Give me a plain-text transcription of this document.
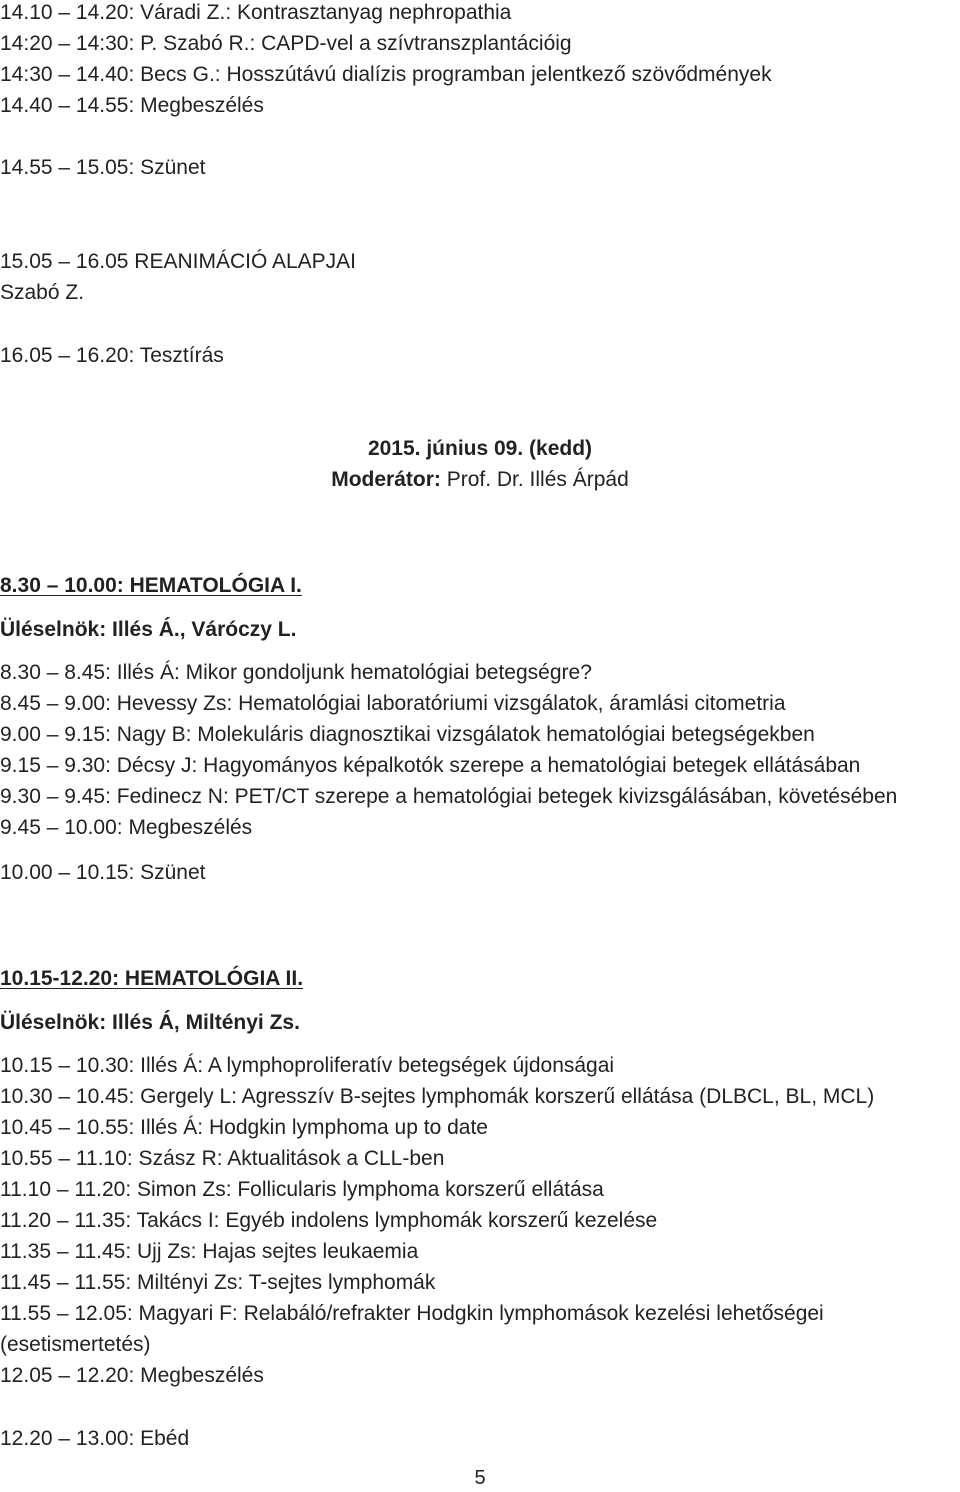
14.10 – 14.20: Váradi Z.: Kontrasztanyag nephropathia

14:20 – 14:30: P. Szabó R.: CAPD-vel a szívtranszplantációig

14:30 – 14.40: Becs G.: Hosszútávú dialízis programban jelentkező szövődmények

14.40 – 14.55: Megbeszélés

14.55 – 15.05: Szünet

15.05 – 16.05 REANIMÁCIÓ ALAPJAI

Szabó Z.

16.05 – 16.20: Tesztírás

2015. június 09. (kedd)

Moderátor: Prof. Dr. Illés Árpád

8.30 – 10.00: HEMATOLÓGIA I.

Üléselnök: Illés Á., Váróczy L.

8.30 – 8.45: Illés Á: Mikor gondoljunk hematológiai betegségre?

8.45 – 9.00: Hevessy Zs: Hematológiai laboratóriumi vizsgálatok, áramlási citometria

9.00 – 9.15: Nagy B: Molekuláris diagnosztikai vizsgálatok hematológiai betegségekben

9.15 – 9.30: Décsy J: Hagyományos képalkotók szerepe a hematológiai betegek ellátásában

9.30 – 9.45: Fedinecz N: PET/CT szerepe a hematológiai betegek kivizsgálásában, követésében

9.45 – 10.00: Megbeszélés

10.00 – 10.15: Szünet

10.15-12.20: HEMATOLÓGIA II.

Üléselnök: Illés Á, Miltényi Zs.

10.15 – 10.30: Illés Á: A lymphoproliferatív betegségek újdonságai

10.30 – 10.45: Gergely L: Agresszív B-sejtes lymphomák korszerű ellátása (DLBCL, BL, MCL)

10.45 – 10.55: Illés Á: Hodgkin lymphoma up to date

10.55 – 11.10: Szász R: Aktualitások a CLL-ben

11.10 – 11.20: Simon Zs: Follicularis lymphoma korszerű ellátása

11.20 – 11.35: Takács I: Egyéb indolens lymphomák korszerű kezelése

11.35 – 11.45: Ujj Zs: Hajas sejtes leukaemia

11.45 – 11.55: Miltényi Zs: T-sejtes lymphomák

11.55 – 12.05: Magyari F: Relabáló/refrakter Hodgkin lymphomások kezelési lehetőségei

(esetismertetés)

12.05 – 12.20: Megbeszélés

12.20 – 13.00: Ebéd

5
